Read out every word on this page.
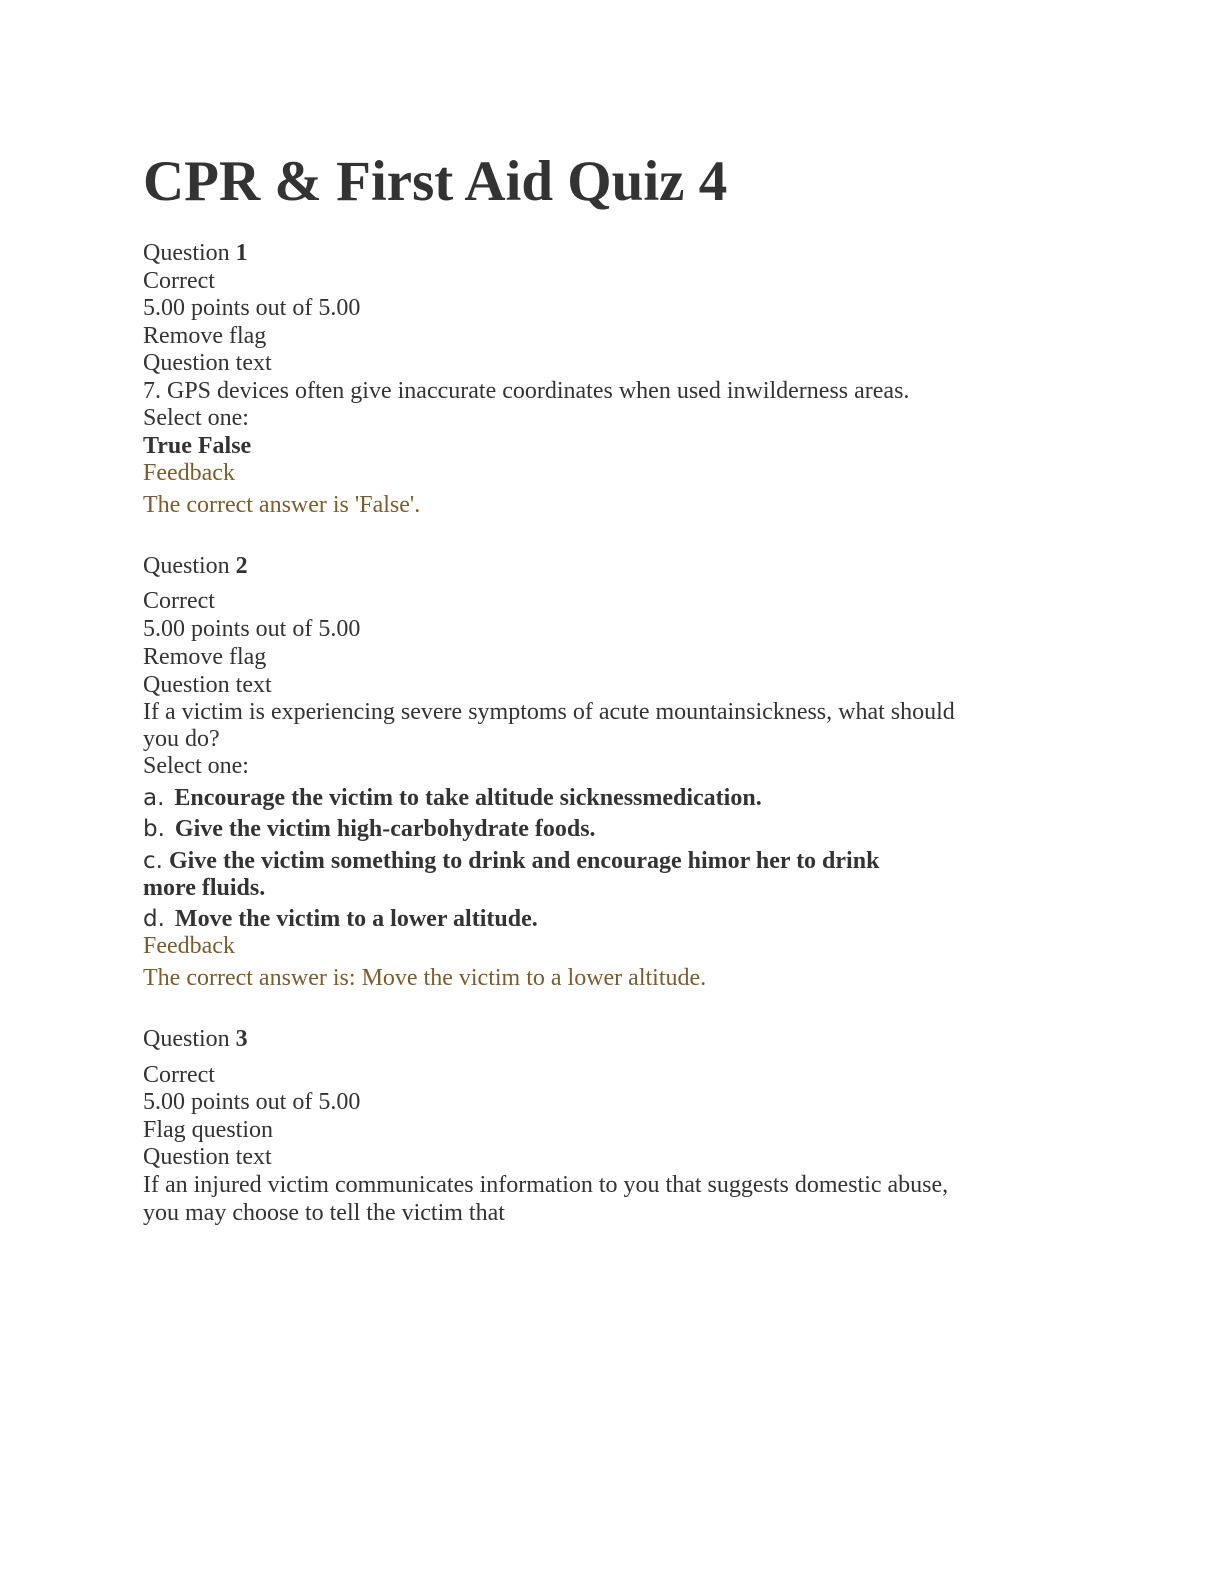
CPR & First Aid Quiz 4
Question 1
Correct
5.00 points out of 5.00
Remove flag
Question text
7. GPS devices often give inaccurate coordinates when used inwilderness areas.
Select one:
True False
Feedback
The correct answer is 'False'.
Question 2
Correct
5.00 points out of 5.00
Remove flag
Question text
If a victim is experiencing severe symptoms of acute mountainsickness, what should
you do?
Select one:
a. Encourage the victim to take altitude sicknessmedication.
b. Give the victim high-carbohydrate foods.
c. Give the victim something to drink and encourage himor her to drink
more fluids.
d. Move the victim to a lower altitude.
Feedback
The correct answer is: Move the victim to a lower altitude.
Question 3
Correct
5.00 points out of 5.00
Flag question
Question text
If an injured victim communicates information to you that suggests domestic abuse,
you may choose to tell the victim that
